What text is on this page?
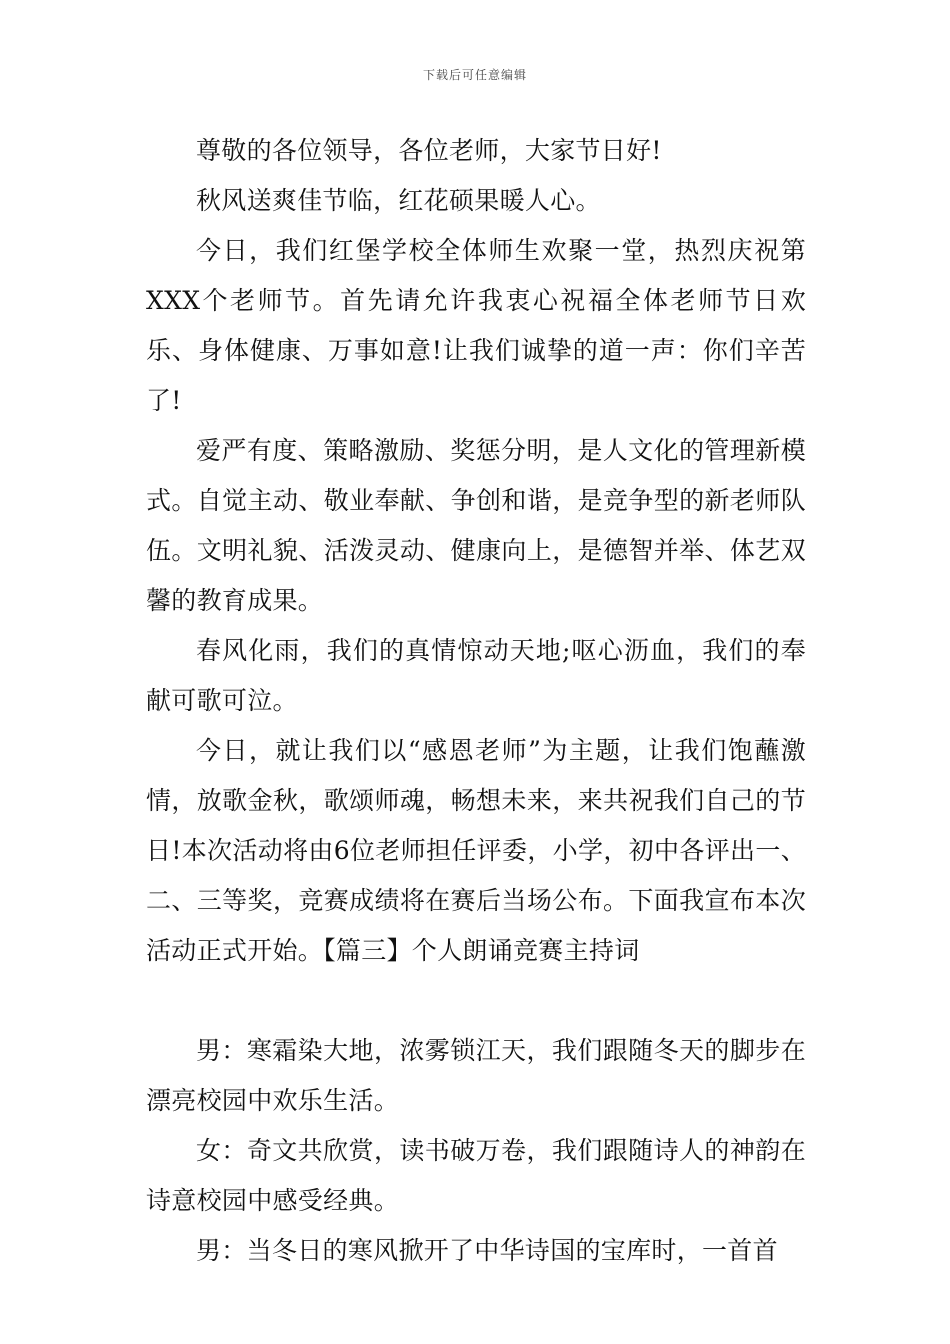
下载后可任意编辑

尊敬的各位领导，各位老师，大家节日好!

秋风送爽佳节临，红花硕果暖人心。

今日，我们红堡学校全体师生欢聚一堂，热烈庆祝第XXX个老师节。首先请允许我衷心祝福全体老师节日欢乐、身体健康、万事如意!让我们诚挚的道一声：你们辛苦了!

爱严有度、策略激励、奖惩分明，是人文化的管理新模式。自觉主动、敬业奉献、争创和谐，是竞争型的新老师队伍。文明礼貌、活泼灵动、健康向上，是德智并举、体艺双馨的教育成果。

春风化雨，我们的真情惊动天地;呕心沥血，我们的奉献可歌可泣。

今日，就让我们以“感恩老师”为主题，让我们饱蘸激情，放歌金秋，歌颂师魂，畅想未来，来共祝我们自己的节日!本次活动将由6位老师担任评委，小学，初中各评出一、二、三等奖，竞赛成绩将在赛后当场公布。下面我宣布本次活动正式开始。【篇三】个人朗诵竞赛主持词

男：寒霜染大地，浓雾锁江天，我们跟随冬天的脚步在漂亮校园中欢乐生活。

女：奇文共欣赏，读书破万卷，我们跟随诗人的神韵在诗意校园中感受经典。

男：当冬日的寒风掀开了中华诗国的宝库时，一首首
